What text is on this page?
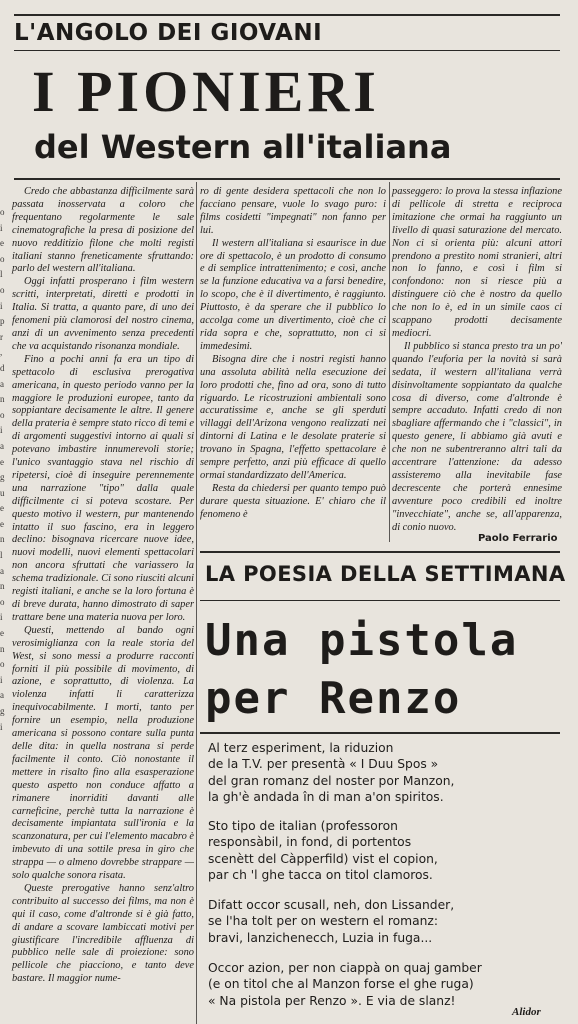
o
i
e
o
l
o
i
p
r
,
d
a
n
o
i
a
e
g
u
e
e
n
l
a
n
o
i
e
n
o
i
a
g
i
L'ANGOLO DEI GIOVANI
I PIONIERI
del Western all'italiana

Credo che abbastanza difficilmente sarà passata inosservata a coloro che frequentano regolarmente le sale cinematografiche la presa di posizione del nuovo redditizio filone che molti registi italiani stanno freneticamente sfruttando: parlo del western all'italiana.

Oggi infatti prosperano i film western scritti, interpretati, diretti e prodotti in Italia. Si tratta, a quanto pare, di uno dei fenomeni più clamorosi del nostro cinema, anzi di un avvenimento senza precedenti che va acquistando risonanza mondiale.

Fino a pochi anni fa era un tipo di spettacolo di esclusiva prerogativa americana, in questo periodo vanno per la maggiore le produzioni europee, tanto da soppiantare decisamente le altre. Il genere della prateria è sempre stato ricco di temi e di argomenti suggestivi intorno ai quali si potevano imbastire innumerevoli storie; l'unico svantaggio stava nel rischio di ripetersi, cioè di inseguire perennemente una narrazione "tipo" dalla quale difficilmente ci si poteva scostare. Per questo motivo il western, pur mantenendo intatto il suo fascino, era in leggero declino: bisognava ricercare nuove idee, nuovi modelli, nuovi elementi spettacolari non ancora sfruttati che variassero la schema tradizionale. Ci sono riusciti alcuni registi italiani, e anche se la loro fortuna è di breve durata, hanno dimostrato di saper trattare bene una materia nuova per loro.

Questi, mettendo al bando ogni verosimiglianza con la reale storia del West, si sono messi a produrre racconti forniti il più possibile di movimento, di azione, e soprattutto, di violenza. La violenza infatti li caratterizza inequivocabilmente. I morti, tanto per fornire un esempio, nella produzione americana si possono contare sulla punta delle dita: in quella nostrana si perde facilmente il conto. Ciò nonostante il mettere in risalto fino alla esasperazione questo aspetto non conduce affatto a rimanere inorriditi davanti alle carneficine, perchè tutta la narrazione è decisamente impiantata sull'ironia e la scanzonatura, per cui l'elemento macabro è imbevuto di una sottile presa in giro che strappa — o almeno dovrebbe strappare — solo qualche sonora risata.

Queste prerogative hanno senz'altro contribuito al successo dei films, ma non è qui il caso, come d'altronde si è già fatto, di andare a scovare lambiccati motivi per giustificare l'incredibile affluenza di pubblico nelle sale di proiezione: sono pellicole che piacciono, e tanto deve bastare. Il maggior nume-

ro di gente desidera spettacoli che non lo facciano pensare, vuole lo svago puro: i films cosidetti "impegnati" non fanno per lui.

Il western all'italiana si esaurisce in due ore di spettacolo, è un prodotto di consumo e di semplice intrattenimento; e così, anche se la funzione educativa va a farsi benedire, lo scopo, che è il divertimento, è raggiunto. Piuttosto, è da sperare che il pubblico lo accolga come un divertimento, cioè che ci rida sopra e che, soprattutto, non ci si immedesimi.

Bisogna dire che i nostri registi hanno una assoluta abilità nella esecuzione dei loro prodotti che, fino ad ora, sono di tutto riguardo. Le ricostruzioni ambientali sono accuratissime e, anche se gli sperduti villaggi dell'Arizona vengono realizzati nei dintorni di Latina e le desolate praterie si trovano in Spagna, l'effetto spettacolare è sempre perfetto, anzi più efficace di quello ormai standardizzato dell'America.

Resta da chiedersi per quanto tempo può durare questa situazione. E' chiaro che il fenomeno è

passeggero: lo prova la stessa inflazione di pellicole di stretta e reciproca imitazione che ormai ha raggiunto un livello di quasi saturazione del mercato. Non ci si orienta più: alcuni attori prendono a prestito nomi stranieri, altri non lo fanno, e così i film si confondono: non si riesce più a distinguere ciò che è nostro da quello che non lo è, ed in un simile caos ci scappano prodotti decisamente mediocri.

Il pubblico si stanca presto tra un po' quando l'euforia per la novità si sarà sedata, il western all'italiana verrà disinvoltamente soppiantato da qualche cosa di diverso, come d'altronde è sempre accaduto. Infatti credo di non sbagliare affermando che i "classici", in questo genere, li abbiamo già avuti e che non ne subentreranno altri tali da accentrare l'attenzione: da adesso assisteremo alla inevitabile fase decrescente che porterà ennesime avventure poco credibili ed inoltre "invecchiate", anche se, all'apparenza, di conio nuovo.

Paolo Ferrario
LA POESIA DELLA SETTIMANA
Una pistola
per Renzo
Al terz esperiment, la riduzion
de la T.V. per presentà « I Duu Spos »
del gran romanz del noster por Manzon,
la gh'è andada în di man a'on spiritos.
Sto tipo de italian (professoron
responsàbil, in fond, di portentos
scenètt del Càpperfild) vist el copion,
par ch 'l ghe tacca on titol clamoros.
Difatt occor scusall, neh, don Lissander,
se l'ha tolt per on western el romanz:
bravi, lanzichenecch, Luzia in fuga...
Occor azion, per non ciappà on quaj gamber
(e on titol che al Manzon forse el ghe ruga)
« Na pistola per Renzo ». E via de slanz!
Alidor
